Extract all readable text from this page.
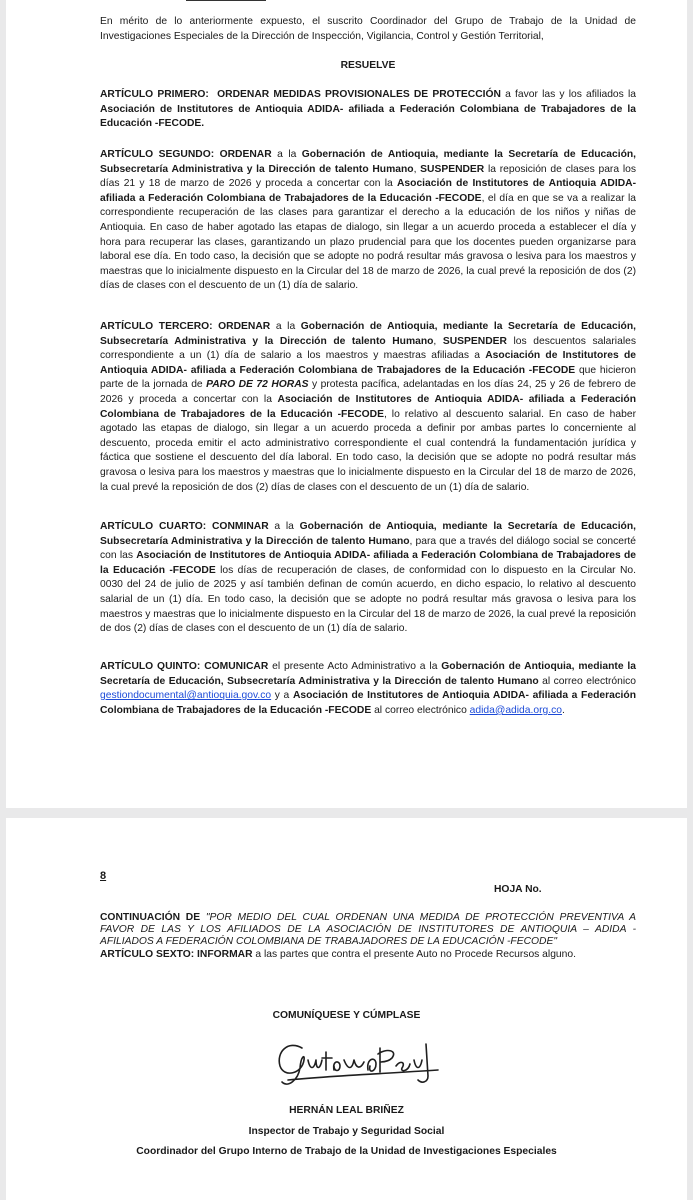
En mérito de lo anteriormente expuesto, el suscrito Coordinador del Grupo de Trabajo de la Unidad de Investigaciones Especiales de la Dirección de Inspección, Vigilancia, Control y Gestión Territorial,

RESUELVE

ARTÍCULO PRIMERO: ORDENAR MEDIDAS PROVISIONALES DE PROTECCIÓN a favor las y los afiliados la Asociación de Institutores de Antioquia ADIDA- afiliada a Federación Colombiana de Trabajadores de la Educación -FECODE.

ARTÍCULO SEGUNDO: ORDENAR a la Gobernación de Antioquia, mediante la Secretaría de Educación, Subsecretaría Administrativa y la Dirección de talento Humano, SUSPENDER la reposición de clases para los días 21 y 18 de marzo de 2026 y proceda a concertar con la Asociación de Institutores de Antioquia ADIDA- afiliada a Federación Colombiana de Trabajadores de la Educación -FECODE, el día en que se va a realizar la correspondiente recuperación de las clases para garantizar el derecho a la educación de los niños y niñas de Antioquia. En caso de haber agotado las etapas de dialogo, sin llegar a un acuerdo proceda a establecer el día y hora para recuperar las clases, garantizando un plazo prudencial para que los docentes pueden organizarse para laboral ese día. En todo caso, la decisión que se adopte no podrá resultar más gravosa o lesiva para los maestros y maestras que lo inicialmente dispuesto en la Circular del 18 de marzo de 2026, la cual prevé la reposición de dos (2) días de clases con el descuento de un (1) día de salario.

ARTÍCULO TERCERO: ORDENAR a la Gobernación de Antioquia, mediante la Secretaría de Educación, Subsecretaría Administrativa y la Dirección de talento Humano, SUSPENDER los descuentos salariales correspondiente a un (1) día de salario a los maestros y maestras afiliadas a Asociación de Institutores de Antioquia ADIDA- afiliada a Federación Colombiana de Trabajadores de la Educación -FECODE que hicieron parte de la jornada de PARO DE 72 HORAS y protesta pacífica, adelantadas en los días 24, 25 y 26 de febrero de 2026 y proceda a concertar con la Asociación de Institutores de Antioquia ADIDA- afiliada a Federación Colombiana de Trabajadores de la Educación -FECODE, lo relativo al descuento salarial. En caso de haber agotado las etapas de dialogo, sin llegar a un acuerdo proceda a definir por ambas partes lo concerniente al descuento, proceda emitir el acto administrativo correspondiente el cual contendrá la fundamentación jurídica y fáctica que sostiene el descuento del día laboral. En todo caso, la decisión que se adopte no podrá resultar más gravosa o lesiva para los maestros y maestras que lo inicialmente dispuesto en la Circular del 18 de marzo de 2026, la cual prevé la reposición de dos (2) días de clases con el descuento de un (1) día de salario.

ARTÍCULO CUARTO: CONMINAR a la Gobernación de Antioquia, mediante la Secretaría de Educación, Subsecretaría Administrativa y la Dirección de talento Humano, para que a través del diálogo social se concerté con las Asociación de Institutores de Antioquia ADIDA- afiliada a Federación Colombiana de Trabajadores de la Educación -FECODE los días de recuperación de clases, de conformidad con lo dispuesto en la Circular No. 0030 del 24 de julio de 2025 y así también definan de común acuerdo, en dicho espacio, lo relativo al descuento salarial de un (1) día. En todo caso, la decisión que se adopte no podrá resultar más gravosa o lesiva para los maestros y maestras que lo inicialmente dispuesto en la Circular del 18 de marzo de 2026, la cual prevé la reposición de dos (2) días de clases con el descuento de un (1) día de salario.

ARTÍCULO QUINTO: COMUNICAR el presente Acto Administrativo a la Gobernación de Antioquia, mediante la Secretaría de Educación, Subsecretaría Administrativa y la Dirección de talento Humano al correo electrónico gestiondocumental@antioquia.gov.co y a Asociación de Institutores de Antioquia ADIDA- afiliada a Federación Colombiana de Trabajadores de la Educación -FECODE al correo electrónico adida@adida.org.co.

8
HOJA No.

CONTINUACIÓN DE "POR MEDIO DEL CUAL ORDENAN UNA MEDIDA DE PROTECCIÓN PREVENTIVA A FAVOR DE LAS Y LOS AFILIADOS DE LA ASOCIACIÓN DE INSTITUTORES DE ANTIOQUIA – ADIDA - AFILIADOS A FEDERACIÓN COLOMBIANA DE TRABAJADORES DE LA EDUCACIÓN -FECODE"
ARTÍCULO SEXTO: INFORMAR a las partes que contra el presente Auto no Procede Recursos alguno.

COMUNÍQUESE Y CÚMPLASE
HERNÁN LEAL BRIÑEZ
Inspector de Trabajo y Seguridad Social
Coordinador del Grupo Interno de Trabajo de la Unidad de Investigaciones Especiales
